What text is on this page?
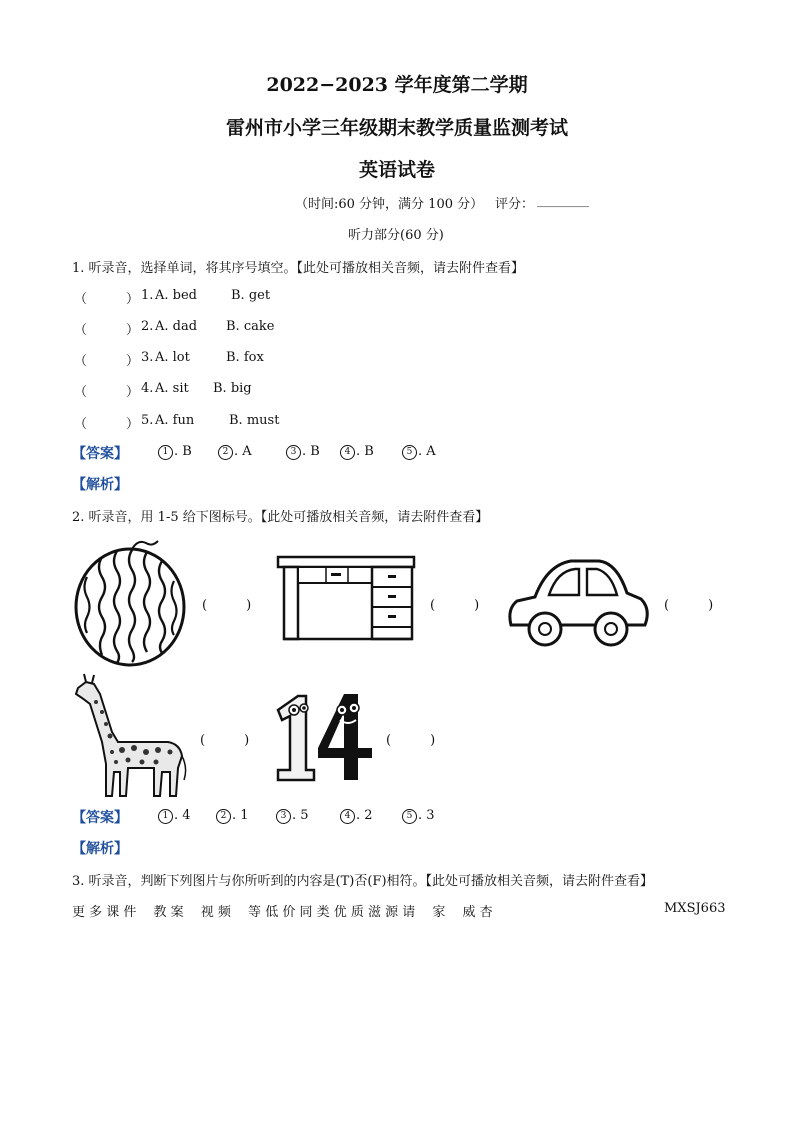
2022−2023 学年度第二学期
雷州市小学三年级期末教学质量监测考试
英语试卷
（时间:60 分钟，满分 100 分） 评分： ________
听力部分(60 分)
1. 听录音，选择单词，将其序号填空。【此处可播放相关音频，请去附件查看】
（　　　） 1. A. bed	B. get
（　　　） 2. A. dad B. cake
（　　　） 3. A. lot	B. fox
（　　　） 4. A. sit B. big
（　　　） 5. A. fun	B. must
【答案】	1 . B	2 . A	3 . B	4 . B	5 . A
【解析】
2. 听录音，用 1-5 给下图标号。【此处可播放相关音频，请去附件查看】
(　　　)	(　　　)	(　　　)
(　　　)	(　　　)
【答案】	1 . 4	2 . 1	3 . 5	4 . 2	5 . 3
【解析】
3. 听录音，判断下列图片与你所听到的内容是(T)否(F)相符。【此处可播放相关音频，请去附件查看】
更 多 课 件　 教 案　 视 频　 等 低 价 同 类 优 质 滋 源 请　 家　 威 杏	MXSJ663
